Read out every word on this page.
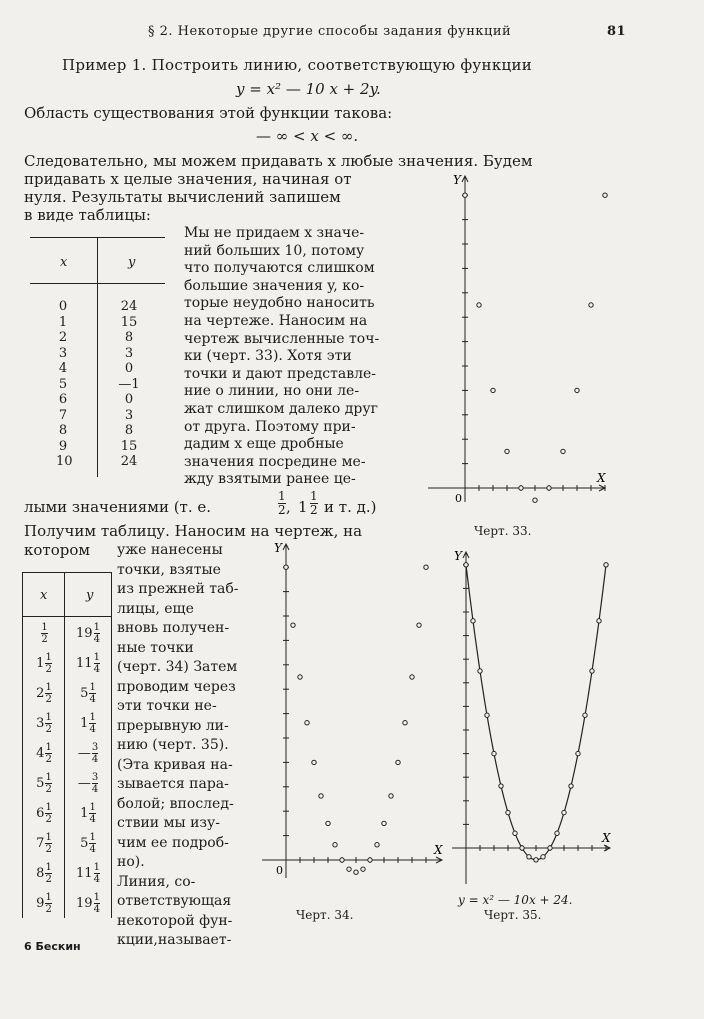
§ 2. Некоторые другие способы задания функций	81
Пример 1. Построить линию, соответствующую функции
y = x² — 10 x + 2y.
Область существования этой функции такова:
— ∞ < x < ∞.
Следовательно, мы можем придавать x любые значения. Будем
придавать x целые значения, начиная от
нуля. Результаты вычислений запишем
в виде таблицы:
Мы не придаем x значе-
ний больших 10, потому
что получаются слишком
большие значения y, ко-
торые неудобно наносить
на чертеже. Наносим на
чертеж вычисленные точ-
ки (черт. 33). Хотя эти
точки и дают представле-
ние о линии, но они ле-
жат слишком далеко друг
от друга. Поэтому при-
дадим x еще дробные
значения посредине ме-
жду взятыми ранее це-
x	y
0	24
1	15
2	8
3	3
4	0
5	—1
6	0
7	3
8	8
9	15
10	24
лыми значениями (т. е.
1
2 , 1
1
2 и т. д.)
Получим таблицу. Наносим на чертеж, на
котором уже нанесены
точки, взятые
из прежней таб-
лицы, еще
вновь получен-
ные точки
(черт. 34) Затем
проводим через
эти точки не-
прерывную ли-
нию (черт. 35).
(Эта кривая на-
зывается пара-
болой; впослед-
ствии мы изу-
чим ее подроб-
но).
Линия, со-
ответствующая
некоторой фун-
кции,называет-
x	y
$\frac{1}{2}$	$19 \frac{1}{4}$
$1 \frac{1}{2}$	$11 \frac{1}{4}$
$2 \frac{1}{2}$	$5 \frac{1}{4}$
$3 \frac{1}{2}$	$1 \frac{1}{4}$
$4 \frac{1}{2}$	— $\frac{3}{4}$
$5 \frac{1}{2}$	— $\frac{3}{4}$
$6 \frac{1}{2}$	$1 \frac{1}{4}$
$7 \frac{1}{2}$	$5 \frac{1}{4}$
$8 \frac{1}{2}$	$11 \frac{1}{4}$
$9 \frac{1}{2}$	$19 \frac{1}{4}$
X
Y
0
X
Y
0
X
Y
Черт. 33.
Черт. 34.	Черт. 35.
y = x² — 10x + 24.
6 Бескин
